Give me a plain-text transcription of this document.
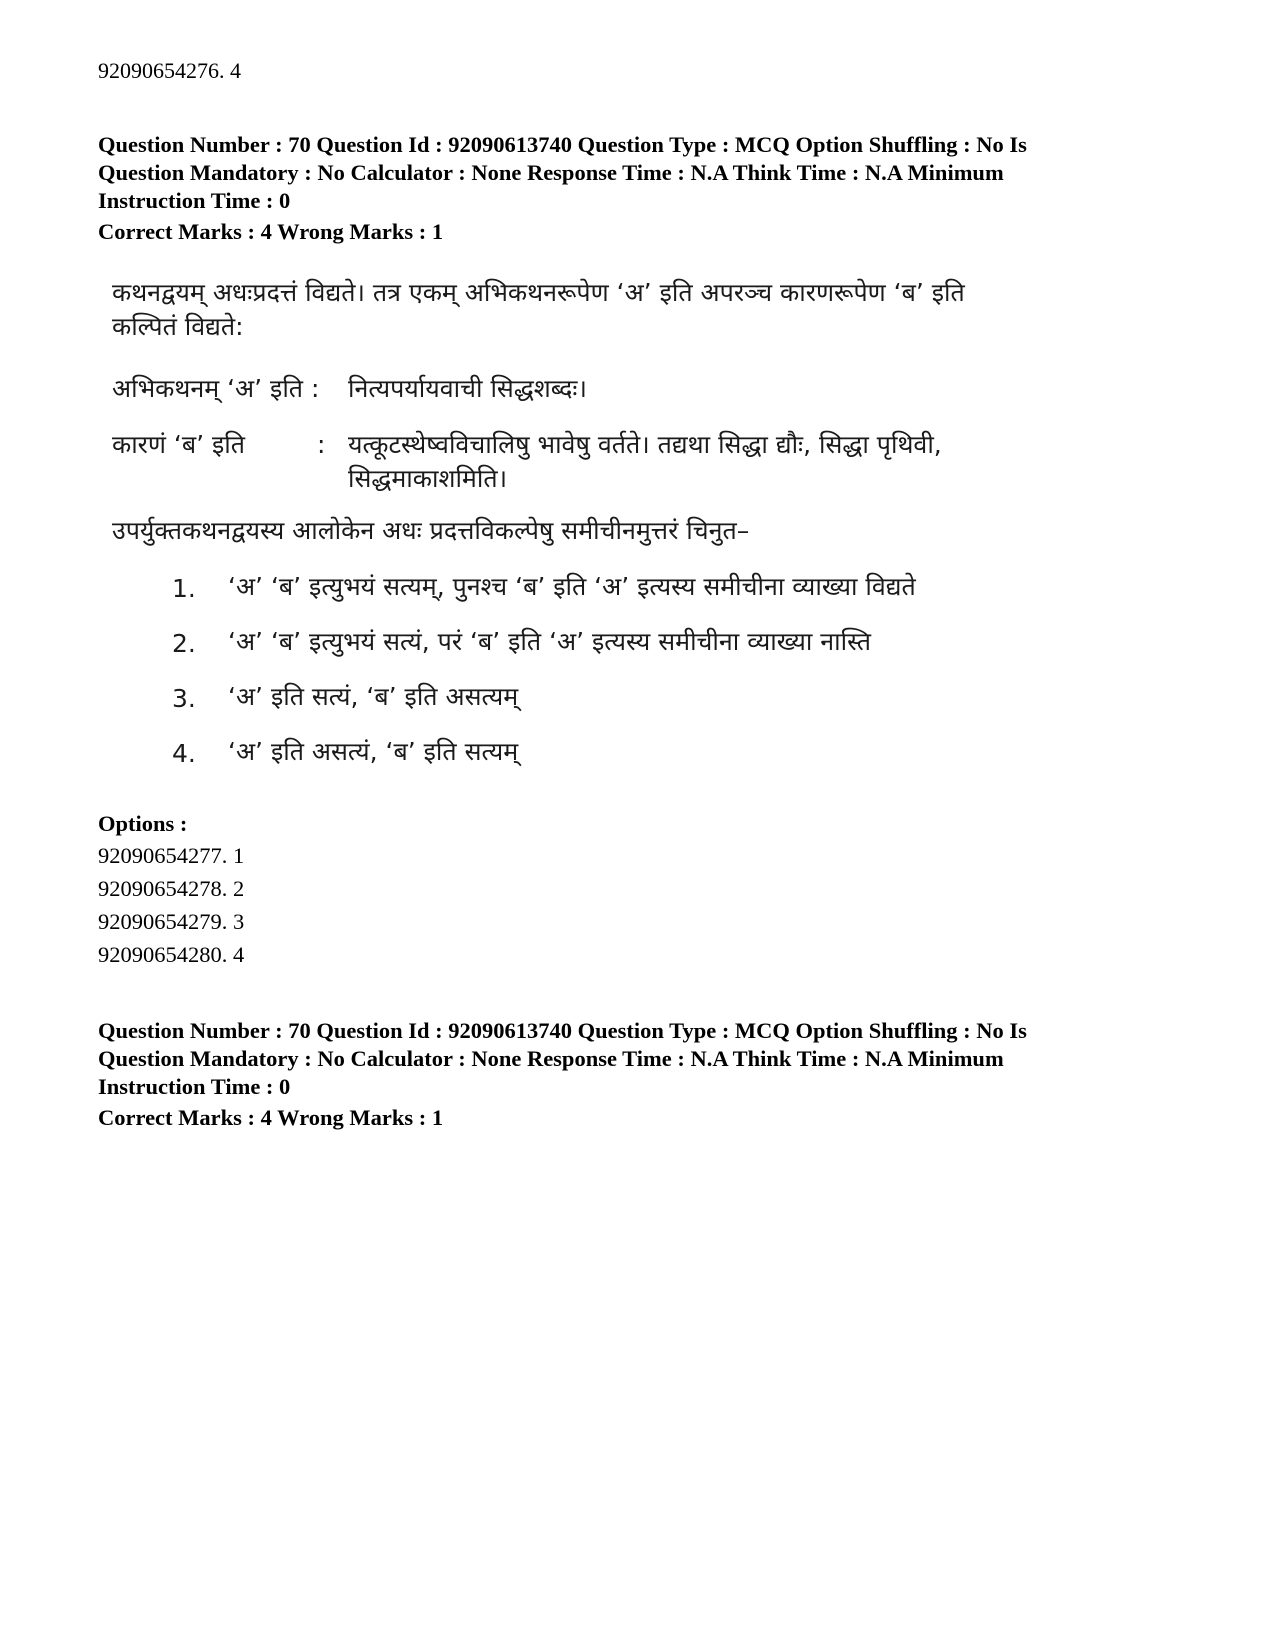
92090654276. 4
Question Number : 70 Question Id : 92090613740 Question Type : MCQ Option Shuffling : No Is
Question Mandatory : No Calculator : None Response Time : N.A Think Time : N.A Minimum
Instruction Time : 0
Correct Marks : 4 Wrong Marks : 1
कथनद्वयम् अधःप्रदत्तं विद्यते। तत्र एकम् अभिकथनरूपेण ‘अ’ इति अपरञ्च कारणरूपेण ‘ब’ इति
कल्पितं विद्यते:
अभिकथनम् ‘अ’ इति : नित्यपर्यायवाची सिद्धशब्दः।
कारणं ‘ब’ इति	: यत्कूटस्थेष्वविचालिषु भावेषु वर्तते। तद्यथा सिद्धा द्यौः, सिद्धा पृथिवी,
सिद्धमाकाशमिति।
उपर्युक्तकथनद्वयस्य आलोकेन अधः प्रदत्तविकल्पेषु समीचीनमुत्तरं चिनुत–
1. ‘अ’ ‘ब’ इत्युभयं सत्यम्, पुनश्च ‘ब’ इति ‘अ’ इत्यस्य समीचीना व्याख्या विद्यते
2. ‘अ’ ‘ब’ इत्युभयं सत्यं, परं ‘ब’ इति ‘अ’ इत्यस्य समीचीना व्याख्या नास्ति
3. ‘अ’ इति सत्यं, ‘ब’ इति असत्यम्
4. ‘अ’ इति असत्यं, ‘ब’ इति सत्यम्
Options :
92090654277. 1
92090654278. 2
92090654279. 3
92090654280. 4
Question Number : 70 Question Id : 92090613740 Question Type : MCQ Option Shuffling : No Is
Question Mandatory : No Calculator : None Response Time : N.A Think Time : N.A Minimum
Instruction Time : 0
Correct Marks : 4 Wrong Marks : 1
